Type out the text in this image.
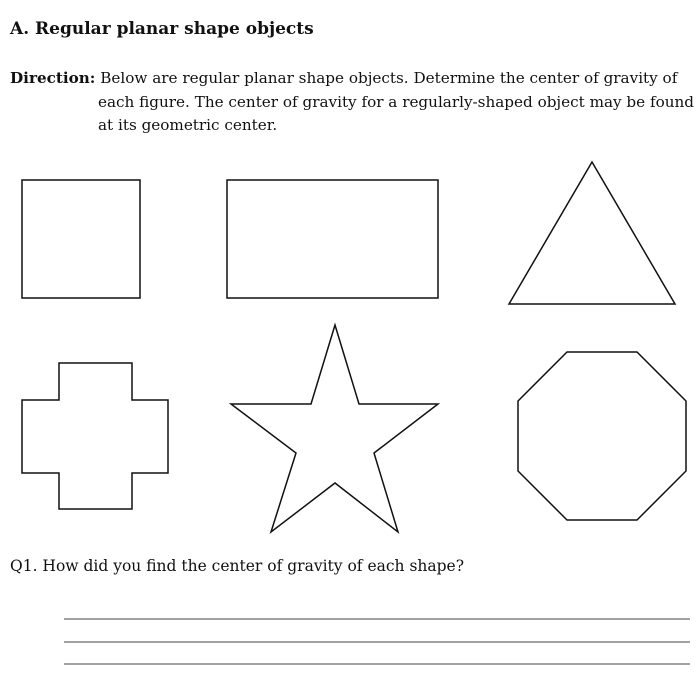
A. Regular planar shape objects

Direction: Below are regular planar shape objects. Determine the center of gravity of each figure. The center of gravity for a regularly-shaped object may be found at its geometric center.

Q1. How did you find the center of gravity of each shape?
